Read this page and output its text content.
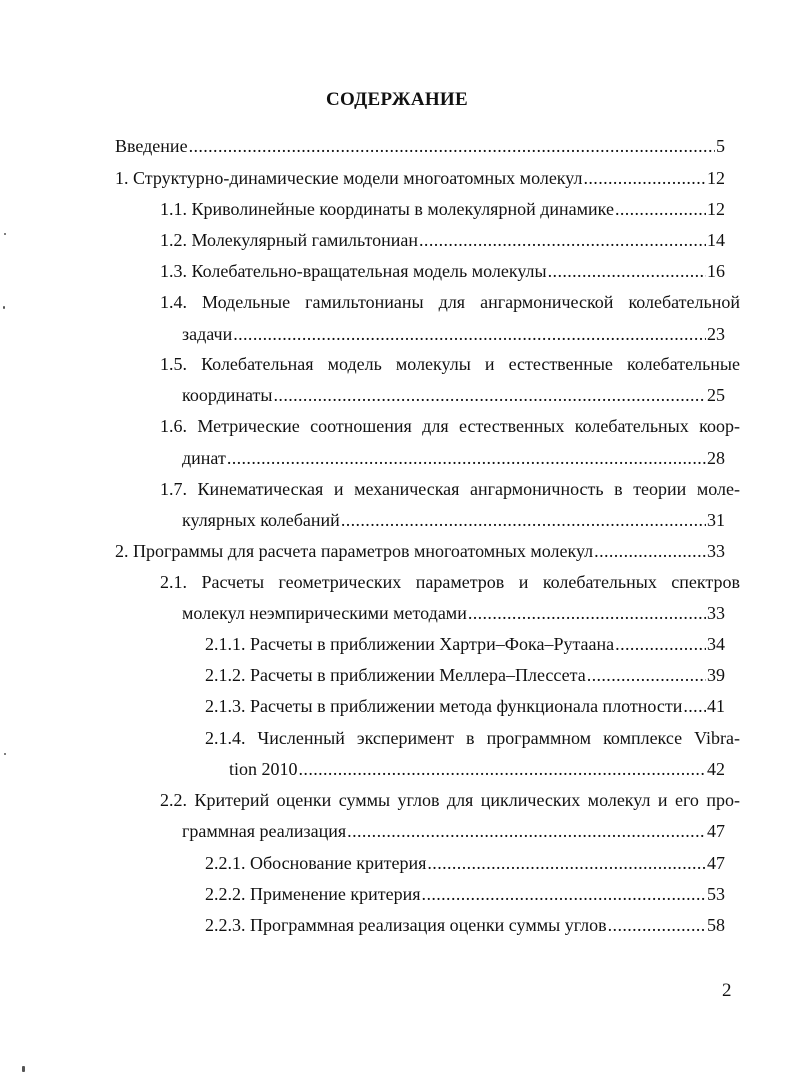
СОДЕРЖАНИЕ
Введение .....	5
1. Структурно-динамические модели многоатомных молекул .....	12
1.1. Криволинейные координаты в молекулярной динамике .....	12
1.2. Молекулярный гамильтониан .....	14
1.3. Колебательно-вращательная модель молекулы .....	16
1.4. Модельные гамильтонианы для ангармонической колебательной
задачи .....	23
1.5. Колебательная модель молекулы и естественные колебательные
координаты .....	25
1.6. Метрические соотношения для естественных колебательных коор-
динат .....	28
1.7. Кинематическая и механическая ангармоничность в теории моле-
кулярных колебаний .....	31
2. Программы для расчета параметров многоатомных молекул .....	33
2.1. Расчеты геометрических параметров и колебательных спектров
молекул неэмпирическими методами .....	33
2.1.1. Расчеты в приближении Хартри–Фока–Рутаана .....	34
2.1.2. Расчеты в приближении Меллера–Плессета .....	39
2.1.3. Расчеты в приближении метода функционала плотности ..... 41
2.1.4. Численный эксперимент в программном комплексе Vibra-
tion 2010 .....	42
2.2. Критерий оценки суммы углов для циклических молекул и его про-
граммная реализация .....	47
2.2.1. Обоснование критерия .....	47
2.2.2. Применение критерия .....	53
2.2.3. Программная реализация оценки суммы углов .....	58
2
